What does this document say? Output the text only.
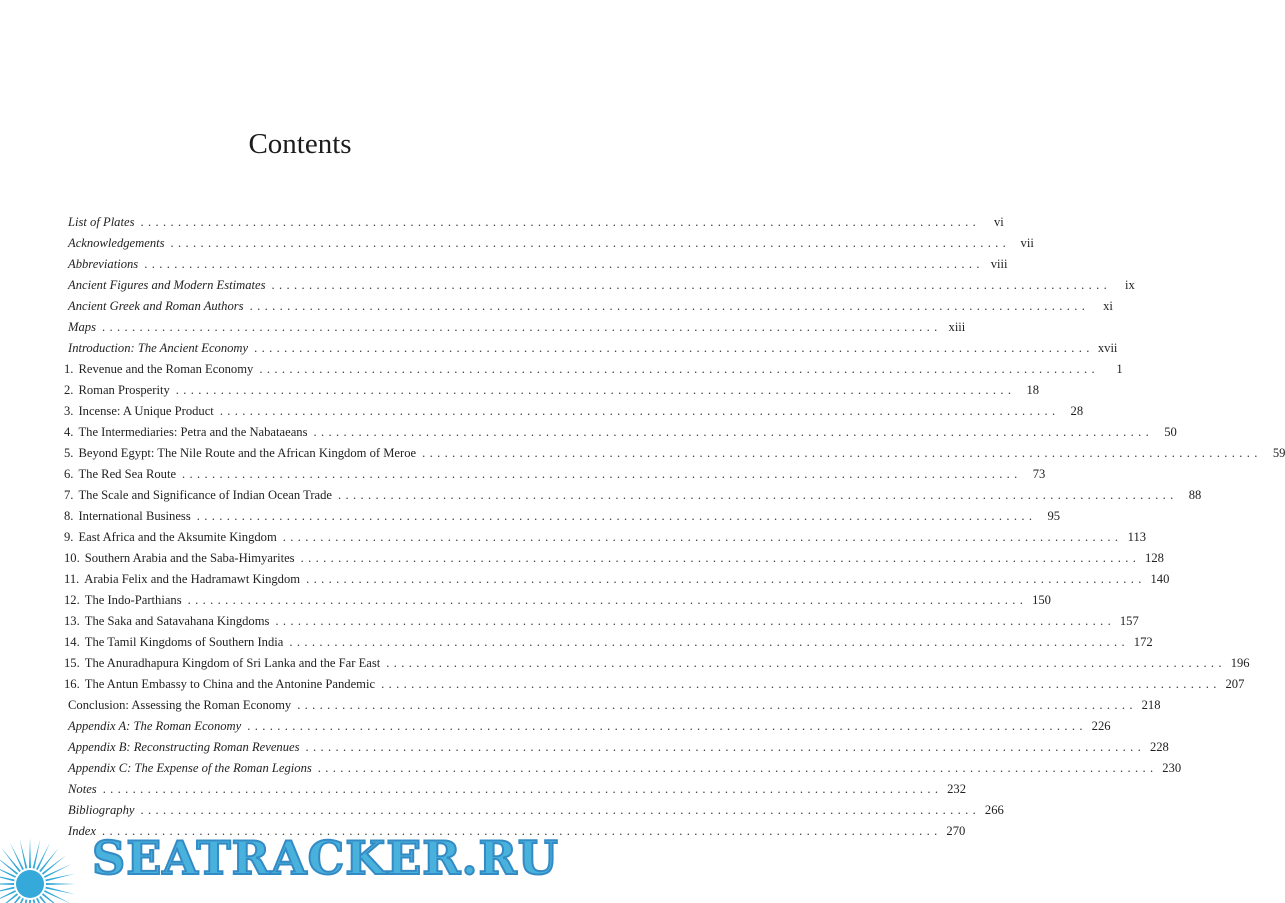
Contents
List of Plates . . .	vi
Acknowledgements . . .	vii
Abbreviations . . .	viii
Ancient Figures and Modern Estimates . . .	ix
Ancient Greek and Roman Authors . . .	xi
Maps . . .	xiii
Introduction: The Ancient Economy . . .	xvii
1. Revenue and the Roman Economy . . .	1
2. Roman Prosperity . . .	18
3. Incense: A Unique Product . . .	28
4. The Intermediaries: Petra and the Nabataeans . . .	50
5. Beyond Egypt: The Nile Route and the African Kingdom of Meroe . . .	59
6. The Red Sea Route . . .	73
7. The Scale and Significance of Indian Ocean Trade . . .	88
8. International Business . . .	95
9. East Africa and the Aksumite Kingdom . . .	113
10. Southern Arabia and the Saba-Himyarites . . .	128
11. Arabia Felix and the Hadramawt Kingdom . . .	140
12. The Indo-Parthians . . .	150
13. The Saka and Satavahana Kingdoms . . .	157
14. The Tamil Kingdoms of Southern India . . .	172
15. The Anuradhapura Kingdom of Sri Lanka and the Far East . . .	196
16. The Antun Embassy to China and the Antonine Pandemic . . .	207
Conclusion: Assessing the Roman Economy . . .	218
Appendix A: The Roman Economy . . .	226
Appendix B: Reconstructing Roman Revenues . . .	228
Appendix C: The Expense of the Roman Legions . . .	230
Notes . . .	232
Bibliography . . .	266
Index . . .	270
SEATRACKER.RU
